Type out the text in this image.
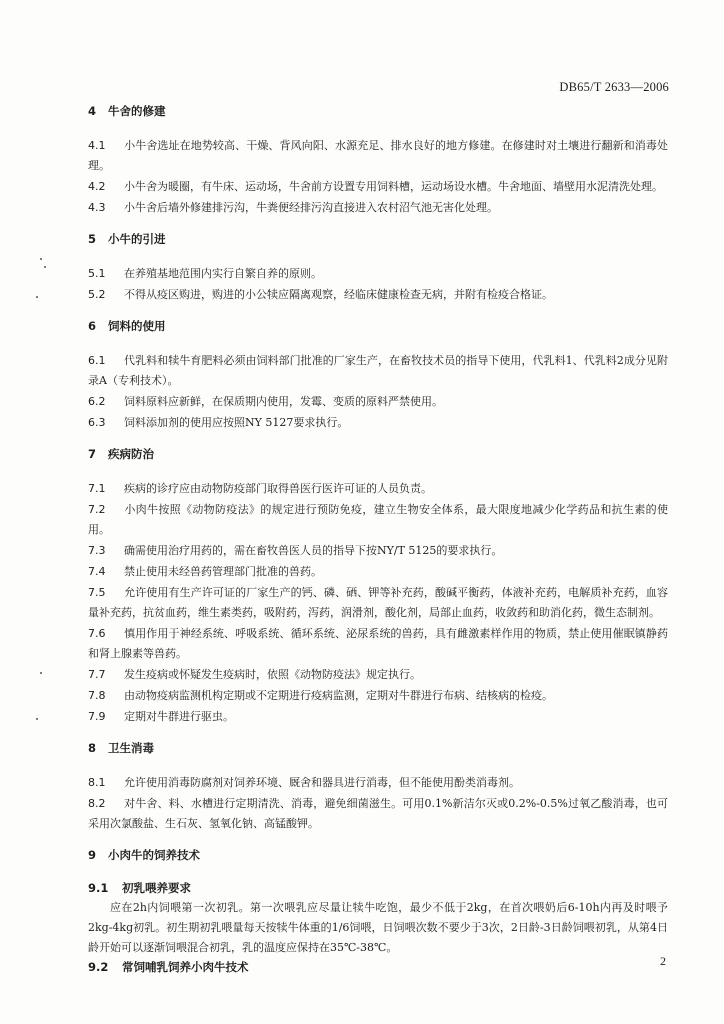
DB65/T 2633—2006
4 牛舍的修建

4.1 小牛舍选址在地势较高、干燥、背风向阳、水源充足、排水良好的地方修建。在修建时对土壤进行翻新和消毒处理。

4.2 小牛舍为暖圈，有牛床、运动场，牛舍前方设置专用饲料槽，运动场设水槽。牛舍地面、墙壁用水泥清洗处理。

4.3 小牛舍后墙外修建排污沟，牛粪便经排污沟直接进入农村沼气池无害化处理。

5 小牛的引进

5.1 在养殖基地范围内实行自繁自养的原则。

5.2 不得从疫区购进，购进的小公犊应隔离观察，经临床健康检查无病，并附有检疫合格证。

6 饲料的使用

6.1 代乳料和犊牛育肥料必须由饲料部门批准的厂家生产，在畜牧技术员的指导下使用，代乳料1、代乳料2成分见附录A（专利技术）。

6.2 饲料原料应新鲜，在保质期内使用，发霉、变质的原料严禁使用。

6.3 饲料添加剂的使用应按照NY 5127要求执行。

7 疾病防治

7.1 疾病的诊疗应由动物防疫部门取得兽医行医许可证的人员负责。

7.2 小肉牛按照《动物防疫法》的规定进行预防免疫，建立生物安全体系，最大限度地减少化学药品和抗生素的使用。

7.3 确需使用治疗用药的，需在畜牧兽医人员的指导下按NY/T 5125的要求执行。

7.4 禁止使用未经兽药管理部门批准的兽药。

7.5 允许使用有生产许可证的厂家生产的钙、磷、硒、钾等补充药，酸碱平衡药，体液补充药，电解质补充药，血容量补充药，抗贫血药，维生素类药，吸附药，泻药，润滑剂，酸化剂，局部止血药，收敛药和助消化药，微生态制剂。

7.6 慎用作用于神经系统、呼吸系统、循环系统、泌尿系统的兽药，具有雌激素样作用的物质，禁止使用催眠镇静药和肾上腺素等兽药。

7.7 发生疫病或怀疑发生疫病时，依照《动物防疫法》规定执行。

7.8 由动物疫病监测机构定期或不定期进行疫病监测，定期对牛群进行布病、结核病的检疫。

7.9 定期对牛群进行驱虫。

8 卫生消毒

8.1 允许使用消毒防腐剂对饲养环境、厩舍和器具进行消毒，但不能使用酚类消毒剂。

8.2 对牛舍、料、水槽进行定期清洗、消毒，避免细菌滋生。可用0.1%新洁尔灭或0.2%-0.5%过氧乙酸消毒，也可采用次氯酸盐、生石灰、氢氧化钠、高锰酸钾。

9 小肉牛的饲养技术
9.1 初乳喂养要求

应在2h内饲喂第一次初乳。第一次喂乳应尽量让犊牛吃饱，最少不低于2kg，在首次喂奶后6-10h内再及时喂予2kg-4kg初乳。初生期初乳喂量每天按犊牛体重的1/6饲喂，日饲喂次数不要少于3次，2日龄-3日龄饲喂初乳，从第4日龄开始可以逐渐饲喂混合初乳，乳的温度应保持在35℃-38℃。

9.2 常饲哺乳饲养小肉牛技术	2
